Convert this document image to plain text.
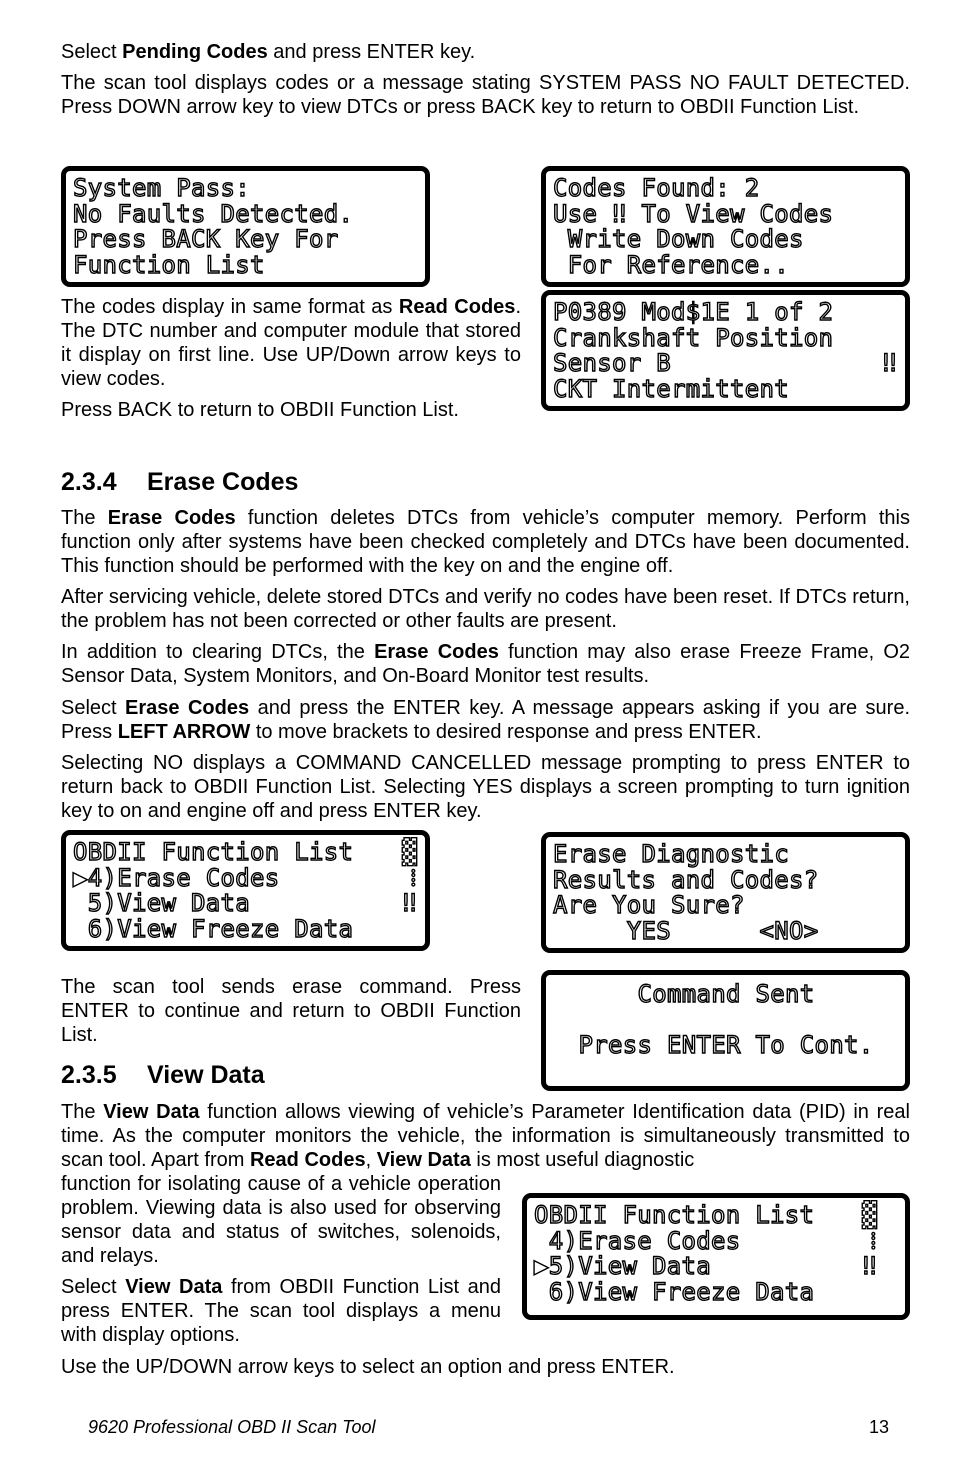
Select Pending Codes and press ENTER key.

The scan tool displays codes or a message stating SYSTEM PASS NO FAULT DETECTED. Press DOWN arrow key to view DTCs or press BACK key to return to OBDII Function List.

System Pass:
No Faults Detected.
Press BACK Key For
Function List
Codes Found: 2
Use ‼ To View Codes
Write Down Codes
For Reference..

The codes display in same format as Read Codes. The DTC number and computer module that stored it display on first line. Use UP/Down arrow keys to view codes.

Press BACK to return to OBDII Function List.

P0389 Mod$1E 1 of 2
Crankshaft Position
Sensor B	‼
CKT Intermittent
2.3.4 Erase Codes

The Erase Codes function deletes DTCs from vehicle’s computer memory. Perform this function only after systems have been checked completely and DTCs have been documented. This function should be performed with the key on and the engine off.

After servicing vehicle, delete stored DTCs and verify no codes have been reset. If DTCs return, the problem has not been corrected or other faults are present.

In addition to clearing DTCs, the Erase Codes function may also erase Freeze Frame, O2 Sensor Data, System Monitors, and On-Board Monitor test results.

Select Erase Codes and press the ENTER key. A message appears asking if you are sure. Press LEFT ARROW to move brackets to desired response and press ENTER.

Selecting NO displays a COMMAND CANCELLED message prompting to press ENTER to return back to OBDII Function List. Selecting YES displays a screen prompting to turn ignition key to on and engine off and press ENTER key.

OBDII Function List ▓
▶4)Erase Codes	⁞
5)View Data	‼
6)View Freeze Data
Erase Diagnostic
Results and Codes?
Are You Sure?
YES      <NO>

The scan tool sends erase command. Press ENTER to continue and return to OBDII Function List.

Command Sent
Press ENTER To Cont.
2.3.5 View Data

The View Data function allows viewing of vehicle’s Parameter Identification data (PID) in real time. As the computer monitors the vehicle, the information is simultaneously transmitted to scan tool. Apart from Read Codes, View Data is most useful diagnostic

function for isolating cause of a vehicle operation problem. Viewing data is also used for observing sensor data and status of switches, solenoids, and relays.

Select View Data from OBDII Function List and press ENTER. The scan tool displays a menu with display options.

OBDII Function List ▓
4)Erase Codes	⁞
▶5)View Data	‼
6)View Freeze Data

Use the UP/DOWN arrow keys to select an option and press ENTER.

9620 Professional OBD II Scan Tool	13
